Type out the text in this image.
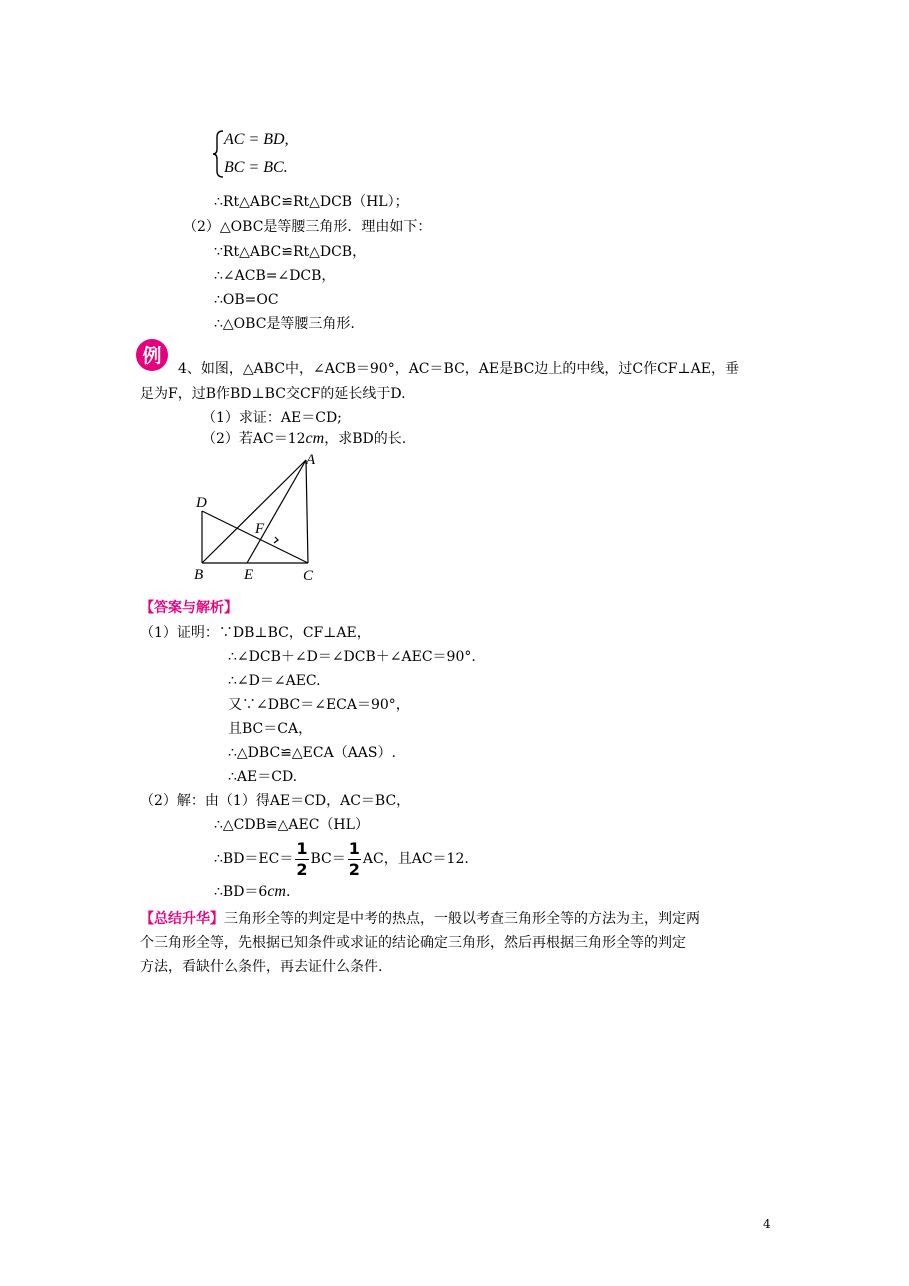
AC = BD,
BC = BC.
∴Rt△ABC≌Rt△DCB（HL）；
（2）△OBC是等腰三角形．理由如下：
∵Rt△ABC≌Rt△DCB，
∴∠ACB=∠DCB，
∴OB=OC
∴△OBC是等腰三角形.
例
4、如图，△ABC中，∠ACB＝90°，AC＝BC，AE是BC边上的中线，过C作CF⊥AE，垂
足为F，过B作BD⊥BC交CF的延长线于D.
（1）求证：AE＝CD;
（2）若AC＝12cm，求BD的长.
A
B	C
D
E
F
【答案与解析】
（1）证明：∵DB⊥BC，CF⊥AE，
∴∠DCB＋∠D＝∠DCB＋∠AEC＝90°.
∴∠D＝∠AEC.
又∵∠DBC＝∠ECA＝90°，
且BC＝CA，
∴△DBC≌△ECA（AAS）.
∴AE＝CD.
（2）解：由（1）得AE＝CD，AC＝BC，
∴△CDB≌△AEC（HL）
∴BD＝EC＝ $\frac{1}{2} BC= \frac{1}{2}$ AC，且AC＝12.
∴BD＝6cm.
【总结升华】三角形全等的判定是中考的热点，一般以考查三角形全等的方法为主，判定两
个三角形全等，先根据已知条件或求证的结论确定三角形，然后再根据三角形全等的判定
方法，看缺什么条件，再去证什么条件.
4
